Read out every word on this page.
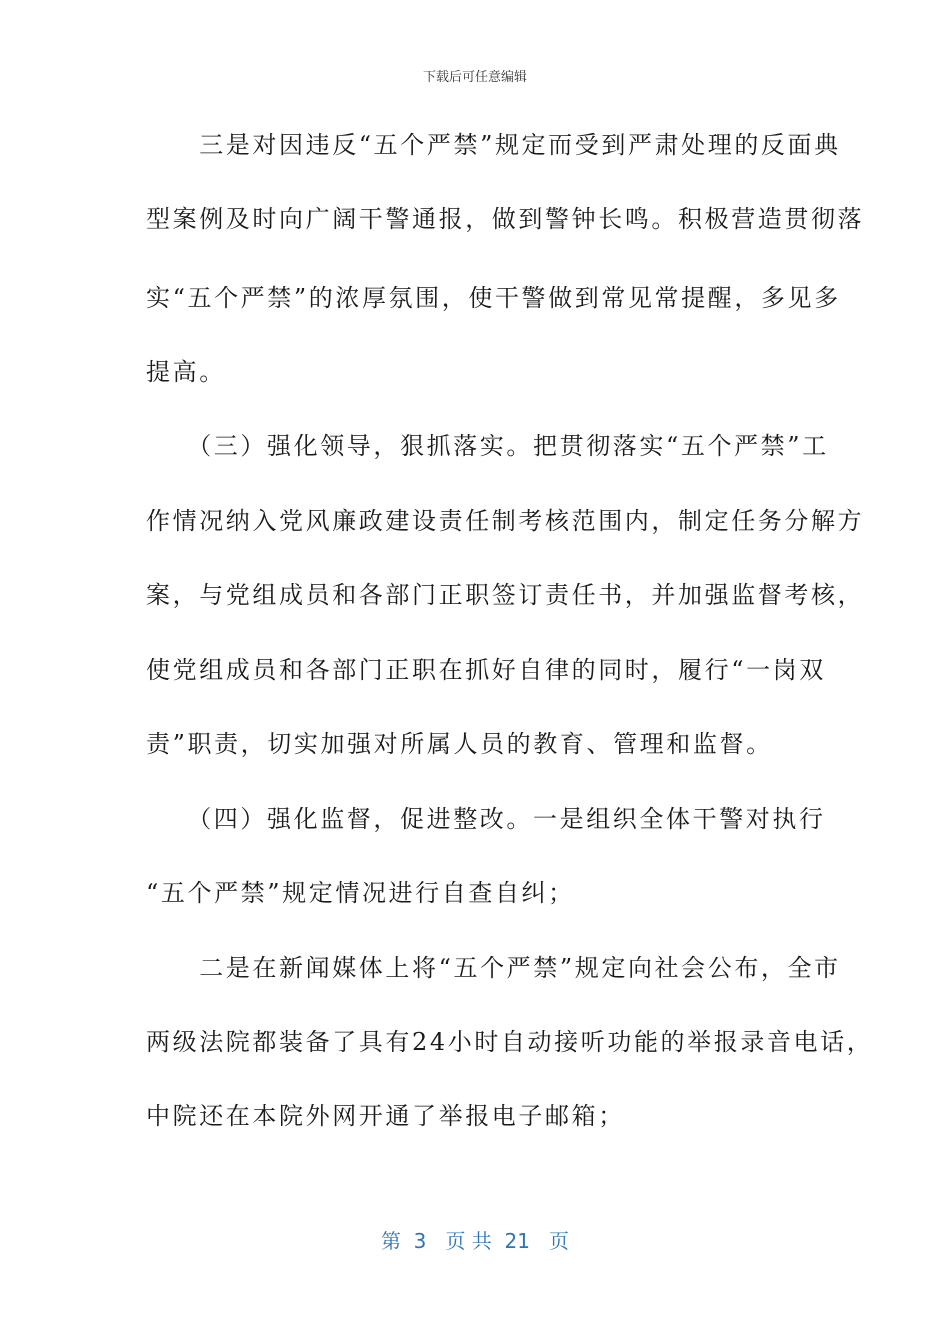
下载后可任意编辑
　　三是对因违反“五个严禁”规定而受到严肃处理的反面典
型案例及时向广阔干警通报，做到警钟长鸣。积极营造贯彻落
实“五个严禁”的浓厚氛围，使干警做到常见常提醒，多见多
提高。
　　（三）强化领导，狠抓落实。把贯彻落实“五个严禁”工
作情况纳入党风廉政建设责任制考核范围内，制定任务分解方
案，与党组成员和各部门正职签订责任书，并加强监督考核，
使党组成员和各部门正职在抓好自律的同时，履行“一岗双
责”职责，切实加强对所属人员的教育、管理和监督。
　　（四）强化监督，促进整改。一是组织全体干警对执行
“五个严禁”规定情况进行自查自纠；
　　二是在新闻媒体上将“五个严禁”规定向社会公布，全市
两级法院都装备了具有24小时自动接听功能的举报录音电话，
中院还在本院外网开通了举报电子邮箱；
第  3   页 共  21   页
